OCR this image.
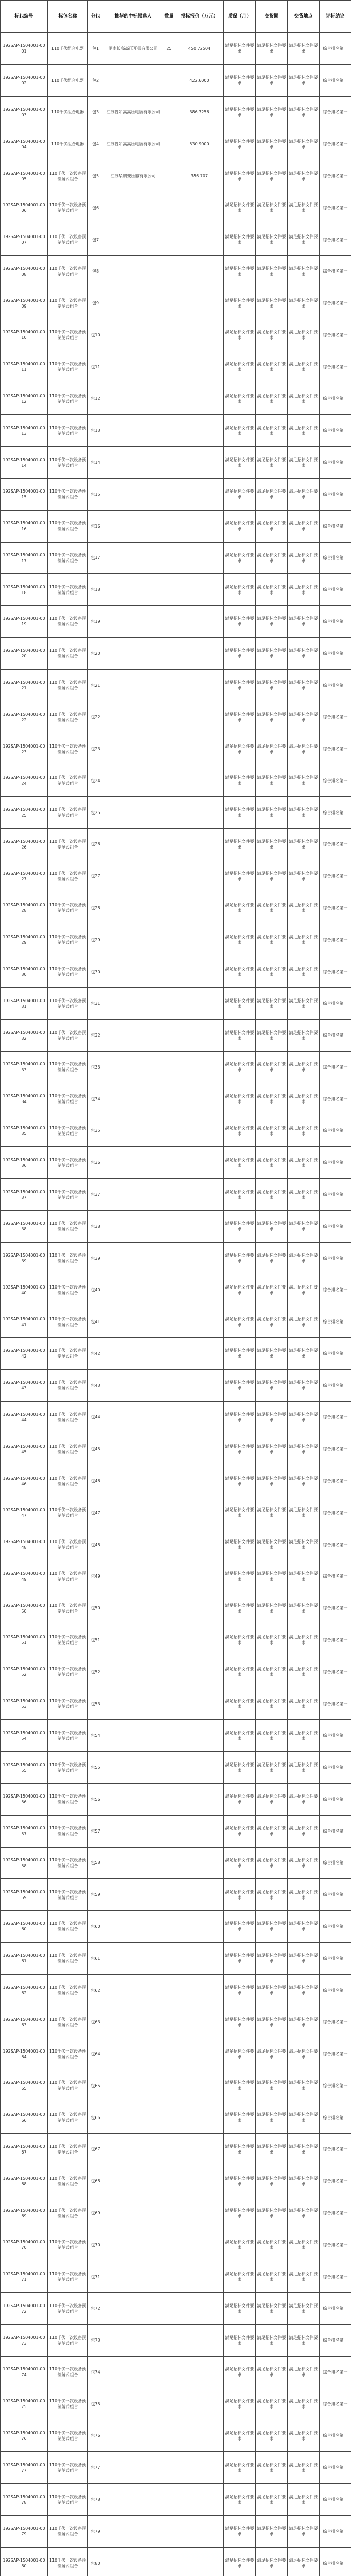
标包编号	标包名称	分包	推荐的中标候选人	数量	投标报价（万元）	质保（月）	交货期	交货地点	评标结论
192SAP-1504001-0001	110千伏组合电器	包1	湖南长高高压开关有限公司	25	450.72504	满足招标文件要求	满足招标文件要求	满足招标文件要求	综合排名第一
192SAP-1504001-0002	110千伏组合电器	包2			422.6000	满足招标文件要求	满足招标文件要求	满足招标文件要求	综合排名第一
192SAP-1504001-0003	110千伏组合电器	包3	江苏省如高高压电器有限公司		386.3256	满足招标文件要求	满足招标文件要求	满足招标文件要求	综合排名第一
192SAP-1504001-0004	110千伏组合电器	包4	江苏省如高高压电器有限公司		530.9000	满足招标文件要求	满足招标文件要求	满足招标文件要求	综合排名第一
192SAP-1504001-0005	110千伏一次设备预制舱式组合	包5	江苏华鹏变压器有限公司		356.707	满足招标文件要求	满足招标文件要求	满足招标文件要求	综合排名第一
192SAP-1504001-0006	110千伏一次设备预制舱式组合	包6				满足招标文件要求	满足招标文件要求	满足招标文件要求	综合排名第一
192SAP-1504001-0007	110千伏一次设备预制舱式组合	包7				满足招标文件要求	满足招标文件要求	满足招标文件要求	综合排名第一
192SAP-1504001-0008	110千伏一次设备预制舱式组合	包8				满足招标文件要求	满足招标文件要求	满足招标文件要求	综合排名第一
192SAP-1504001-0009	110千伏一次设备预制舱式组合	包9				满足招标文件要求	满足招标文件要求	满足招标文件要求	综合排名第一
192SAP-1504001-0010	110千伏一次设备预制舱式组合	包10				满足招标文件要求	满足招标文件要求	满足招标文件要求	综合排名第一
192SAP-1504001-0011	110千伏一次设备预制舱式组合	包11				满足招标文件要求	满足招标文件要求	满足招标文件要求	综合排名第一
192SAP-1504001-0012	110千伏一次设备预制舱式组合	包12				满足招标文件要求	满足招标文件要求	满足招标文件要求	综合排名第一
192SAP-1504001-0013	110千伏一次设备预制舱式组合	包13				满足招标文件要求	满足招标文件要求	满足招标文件要求	综合排名第一
192SAP-1504001-0014	110千伏一次设备预制舱式组合	包14				满足招标文件要求	满足招标文件要求	满足招标文件要求	综合排名第一
192SAP-1504001-0015	110千伏一次设备预制舱式组合	包15				满足招标文件要求	满足招标文件要求	满足招标文件要求	综合排名第一
192SAP-1504001-0016	110千伏一次设备预制舱式组合	包16				满足招标文件要求	满足招标文件要求	满足招标文件要求	综合排名第一
192SAP-1504001-0017	110千伏一次设备预制舱式组合	包17				满足招标文件要求	满足招标文件要求	满足招标文件要求	综合排名第一
192SAP-1504001-0018	110千伏一次设备预制舱式组合	包18				满足招标文件要求	满足招标文件要求	满足招标文件要求	综合排名第一
192SAP-1504001-0019	110千伏一次设备预制舱式组合	包19				满足招标文件要求	满足招标文件要求	满足招标文件要求	综合排名第一
192SAP-1504001-0020	110千伏一次设备预制舱式组合	包20				满足招标文件要求	满足招标文件要求	满足招标文件要求	综合排名第一
192SAP-1504001-0021	110千伏一次设备预制舱式组合	包21				满足招标文件要求	满足招标文件要求	满足招标文件要求	综合排名第一
192SAP-1504001-0022	110千伏一次设备预制舱式组合	包22				满足招标文件要求	满足招标文件要求	满足招标文件要求	综合排名第一
192SAP-1504001-0023	110千伏一次设备预制舱式组合	包23				满足招标文件要求	满足招标文件要求	满足招标文件要求	综合排名第一
192SAP-1504001-0024	110千伏一次设备预制舱式组合	包24				满足招标文件要求	满足招标文件要求	满足招标文件要求	综合排名第一
192SAP-1504001-0025	110千伏一次设备预制舱式组合	包25				满足招标文件要求	满足招标文件要求	满足招标文件要求	综合排名第一
192SAP-1504001-0026	110千伏一次设备预制舱式组合	包26				满足招标文件要求	满足招标文件要求	满足招标文件要求	综合排名第一
192SAP-1504001-0027	110千伏一次设备预制舱式组合	包27				满足招标文件要求	满足招标文件要求	满足招标文件要求	综合排名第一
192SAP-1504001-0028	110千伏一次设备预制舱式组合	包28				满足招标文件要求	满足招标文件要求	满足招标文件要求	综合排名第一
192SAP-1504001-0029	110千伏一次设备预制舱式组合	包29				满足招标文件要求	满足招标文件要求	满足招标文件要求	综合排名第一
192SAP-1504001-0030	110千伏一次设备预制舱式组合	包30				满足招标文件要求	满足招标文件要求	满足招标文件要求	综合排名第一
192SAP-1504001-0031	110千伏一次设备预制舱式组合	包31				满足招标文件要求	满足招标文件要求	满足招标文件要求	综合排名第一
192SAP-1504001-0032	110千伏一次设备预制舱式组合	包32				满足招标文件要求	满足招标文件要求	满足招标文件要求	综合排名第一
192SAP-1504001-0033	110千伏一次设备预制舱式组合	包33				满足招标文件要求	满足招标文件要求	满足招标文件要求	综合排名第一
192SAP-1504001-0034	110千伏一次设备预制舱式组合	包34				满足招标文件要求	满足招标文件要求	满足招标文件要求	综合排名第一
192SAP-1504001-0035	110千伏一次设备预制舱式组合	包35				满足招标文件要求	满足招标文件要求	满足招标文件要求	综合排名第一
192SAP-1504001-0036	110千伏一次设备预制舱式组合	包36				满足招标文件要求	满足招标文件要求	满足招标文件要求	综合排名第一
192SAP-1504001-0037	110千伏一次设备预制舱式组合	包37				满足招标文件要求	满足招标文件要求	满足招标文件要求	综合排名第一
192SAP-1504001-0038	110千伏一次设备预制舱式组合	包38				满足招标文件要求	满足招标文件要求	满足招标文件要求	综合排名第一
192SAP-1504001-0039	110千伏一次设备预制舱式组合	包39				满足招标文件要求	满足招标文件要求	满足招标文件要求	综合排名第一
192SAP-1504001-0040	110千伏一次设备预制舱式组合	包40				满足招标文件要求	满足招标文件要求	满足招标文件要求	综合排名第一
192SAP-1504001-0041	110千伏一次设备预制舱式组合	包41				满足招标文件要求	满足招标文件要求	满足招标文件要求	综合排名第一
192SAP-1504001-0042	110千伏一次设备预制舱式组合	包42				满足招标文件要求	满足招标文件要求	满足招标文件要求	综合排名第一
192SAP-1504001-0043	110千伏一次设备预制舱式组合	包43				满足招标文件要求	满足招标文件要求	满足招标文件要求	综合排名第一
192SAP-1504001-0044	110千伏一次设备预制舱式组合	包44				满足招标文件要求	满足招标文件要求	满足招标文件要求	综合排名第一
192SAP-1504001-0045	110千伏一次设备预制舱式组合	包45				满足招标文件要求	满足招标文件要求	满足招标文件要求	综合排名第一
192SAP-1504001-0046	110千伏一次设备预制舱式组合	包46				满足招标文件要求	满足招标文件要求	满足招标文件要求	综合排名第一
192SAP-1504001-0047	110千伏一次设备预制舱式组合	包47				满足招标文件要求	满足招标文件要求	满足招标文件要求	综合排名第一
192SAP-1504001-0048	110千伏一次设备预制舱式组合	包48				满足招标文件要求	满足招标文件要求	满足招标文件要求	综合排名第一
192SAP-1504001-0049	110千伏一次设备预制舱式组合	包49				满足招标文件要求	满足招标文件要求	满足招标文件要求	综合排名第一
192SAP-1504001-0050	110千伏一次设备预制舱式组合	包50				满足招标文件要求	满足招标文件要求	满足招标文件要求	综合排名第一
192SAP-1504001-0051	110千伏一次设备预制舱式组合	包51				满足招标文件要求	满足招标文件要求	满足招标文件要求	综合排名第一
192SAP-1504001-0052	110千伏一次设备预制舱式组合	包52				满足招标文件要求	满足招标文件要求	满足招标文件要求	综合排名第一
192SAP-1504001-0053	110千伏一次设备预制舱式组合	包53				满足招标文件要求	满足招标文件要求	满足招标文件要求	综合排名第一
192SAP-1504001-0054	110千伏一次设备预制舱式组合	包54				满足招标文件要求	满足招标文件要求	满足招标文件要求	综合排名第一
192SAP-1504001-0055	110千伏一次设备预制舱式组合	包55				满足招标文件要求	满足招标文件要求	满足招标文件要求	综合排名第一
192SAP-1504001-0056	110千伏一次设备预制舱式组合	包56				满足招标文件要求	满足招标文件要求	满足招标文件要求	综合排名第一
192SAP-1504001-0057	110千伏一次设备预制舱式组合	包57				满足招标文件要求	满足招标文件要求	满足招标文件要求	综合排名第一
192SAP-1504001-0058	110千伏一次设备预制舱式组合	包58				满足招标文件要求	满足招标文件要求	满足招标文件要求	综合排名第一
192SAP-1504001-0059	110千伏一次设备预制舱式组合	包59				满足招标文件要求	满足招标文件要求	满足招标文件要求	综合排名第一
192SAP-1504001-0060	110千伏一次设备预制舱式组合	包60				满足招标文件要求	满足招标文件要求	满足招标文件要求	综合排名第一
192SAP-1504001-0061	110千伏一次设备预制舱式组合	包61				满足招标文件要求	满足招标文件要求	满足招标文件要求	综合排名第一
192SAP-1504001-0062	110千伏一次设备预制舱式组合	包62				满足招标文件要求	满足招标文件要求	满足招标文件要求	综合排名第一
192SAP-1504001-0063	110千伏一次设备预制舱式组合	包63				满足招标文件要求	满足招标文件要求	满足招标文件要求	综合排名第一
192SAP-1504001-0064	110千伏一次设备预制舱式组合	包64				满足招标文件要求	满足招标文件要求	满足招标文件要求	综合排名第一
192SAP-1504001-0065	110千伏一次设备预制舱式组合	包65				满足招标文件要求	满足招标文件要求	满足招标文件要求	综合排名第一
192SAP-1504001-0066	110千伏一次设备预制舱式组合	包66				满足招标文件要求	满足招标文件要求	满足招标文件要求	综合排名第一
192SAP-1504001-0067	110千伏一次设备预制舱式组合	包67				满足招标文件要求	满足招标文件要求	满足招标文件要求	综合排名第一
192SAP-1504001-0068	110千伏一次设备预制舱式组合	包68				满足招标文件要求	满足招标文件要求	满足招标文件要求	综合排名第一
192SAP-1504001-0069	110千伏一次设备预制舱式组合	包69				满足招标文件要求	满足招标文件要求	满足招标文件要求	综合排名第一
192SAP-1504001-0070	110千伏一次设备预制舱式组合	包70				满足招标文件要求	满足招标文件要求	满足招标文件要求	综合排名第一
192SAP-1504001-0071	110千伏一次设备预制舱式组合	包71				满足招标文件要求	满足招标文件要求	满足招标文件要求	综合排名第一
192SAP-1504001-0072	110千伏一次设备预制舱式组合	包72				满足招标文件要求	满足招标文件要求	满足招标文件要求	综合排名第一
192SAP-1504001-0073	110千伏一次设备预制舱式组合	包73				满足招标文件要求	满足招标文件要求	满足招标文件要求	综合排名第一
192SAP-1504001-0074	110千伏一次设备预制舱式组合	包74				满足招标文件要求	满足招标文件要求	满足招标文件要求	综合排名第一
192SAP-1504001-0075	110千伏一次设备预制舱式组合	包75				满足招标文件要求	满足招标文件要求	满足招标文件要求	综合排名第一
192SAP-1504001-0076	110千伏一次设备预制舱式组合	包76				满足招标文件要求	满足招标文件要求	满足招标文件要求	综合排名第一
192SAP-1504001-0077	110千伏一次设备预制舱式组合	包77				满足招标文件要求	满足招标文件要求	满足招标文件要求	综合排名第一
192SAP-1504001-0078	110千伏一次设备预制舱式组合	包78				满足招标文件要求	满足招标文件要求	满足招标文件要求	综合排名第一
192SAP-1504001-0079	110千伏一次设备预制舱式组合	包79				满足招标文件要求	满足招标文件要求	满足招标文件要求	综合排名第一
192SAP-1504001-0080	110千伏一次设备预制舱式组合	包80				满足招标文件要求	满足招标文件要求	满足招标文件要求	综合排名第一
